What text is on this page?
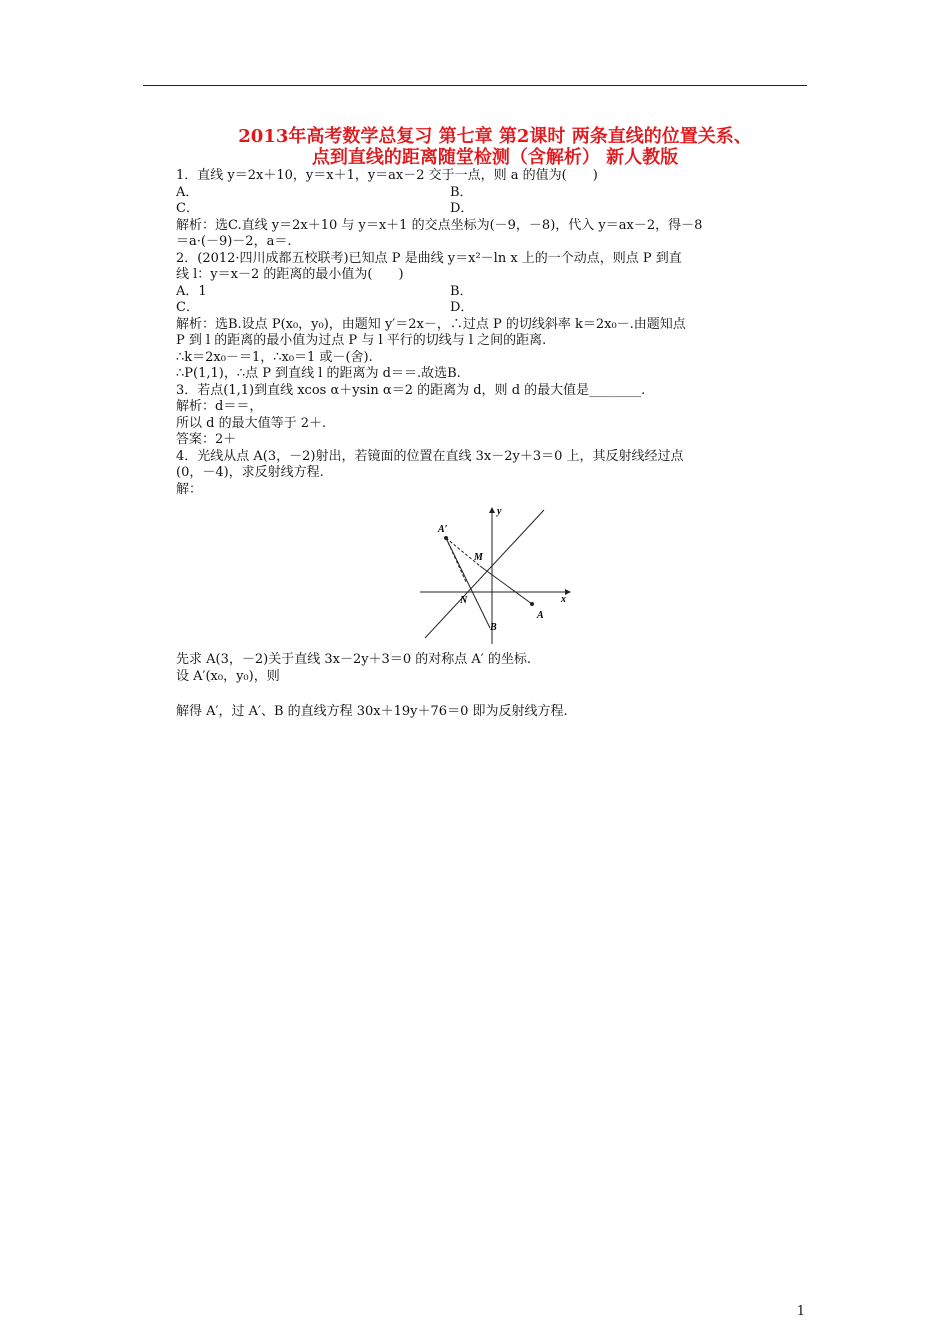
2013年高考数学总复习 第七章 第2课时 两条直线的位置关系、
点到直线的距离随堂检测（含解析） 新人教版
1．直线 y＝2x＋10，y＝x＋1，y＝ax－2 交于一点，则 a 的值为(　　)
A．	B．
C．	D．
解析：选C.直线 y＝2x＋10 与 y＝x＋1 的交点坐标为(－9，－8)，代入 y＝ax－2，得－8
＝a·(－9)－2，a＝.
2．(2012·四川成都五校联考)已知点 P 是曲线 y＝x²－ln x 上的一个动点，则点 P 到直
线 l：y＝x－2 的距离的最小值为(　　)
A．1	B．
C．	D．
解析：选B.设点 P(x₀，y₀)，由题知 y′＝2x－，∴过点 P 的切线斜率 k＝2x₀－.由题知点
P 到 l 的距离的最小值为过点 P 与 l 平行的切线与 l 之间的距离.
∴k＝2x₀－＝1，∴x₀＝1 或－(舍).
∴P(1,1)，∴点 P 到直线 l 的距离为 d＝＝.故选B.
3．若点(1,1)到直线 xcos α＋ysin α＝2 的距离为 d，则 d 的最大值是________.
解析：d＝＝，
所以 d 的最大值等于 2＋.
答案：2＋
4．光线从点 A(3，－2)射出，若镜面的位置在直线 3x－2y＋3＝0 上，其反射线经过点
(0，－4)，求反射线方程.
解：
A′
M
N
A
B
x
y
先求 A(3，－2)关于直线 3x－2y＋3＝0 的对称点 A′ 的坐标.
设 A′(x₀，y₀)，则
解得 A′，过 A′、B 的直线方程 30x＋19y＋76＝0 即为反射线方程.
1
